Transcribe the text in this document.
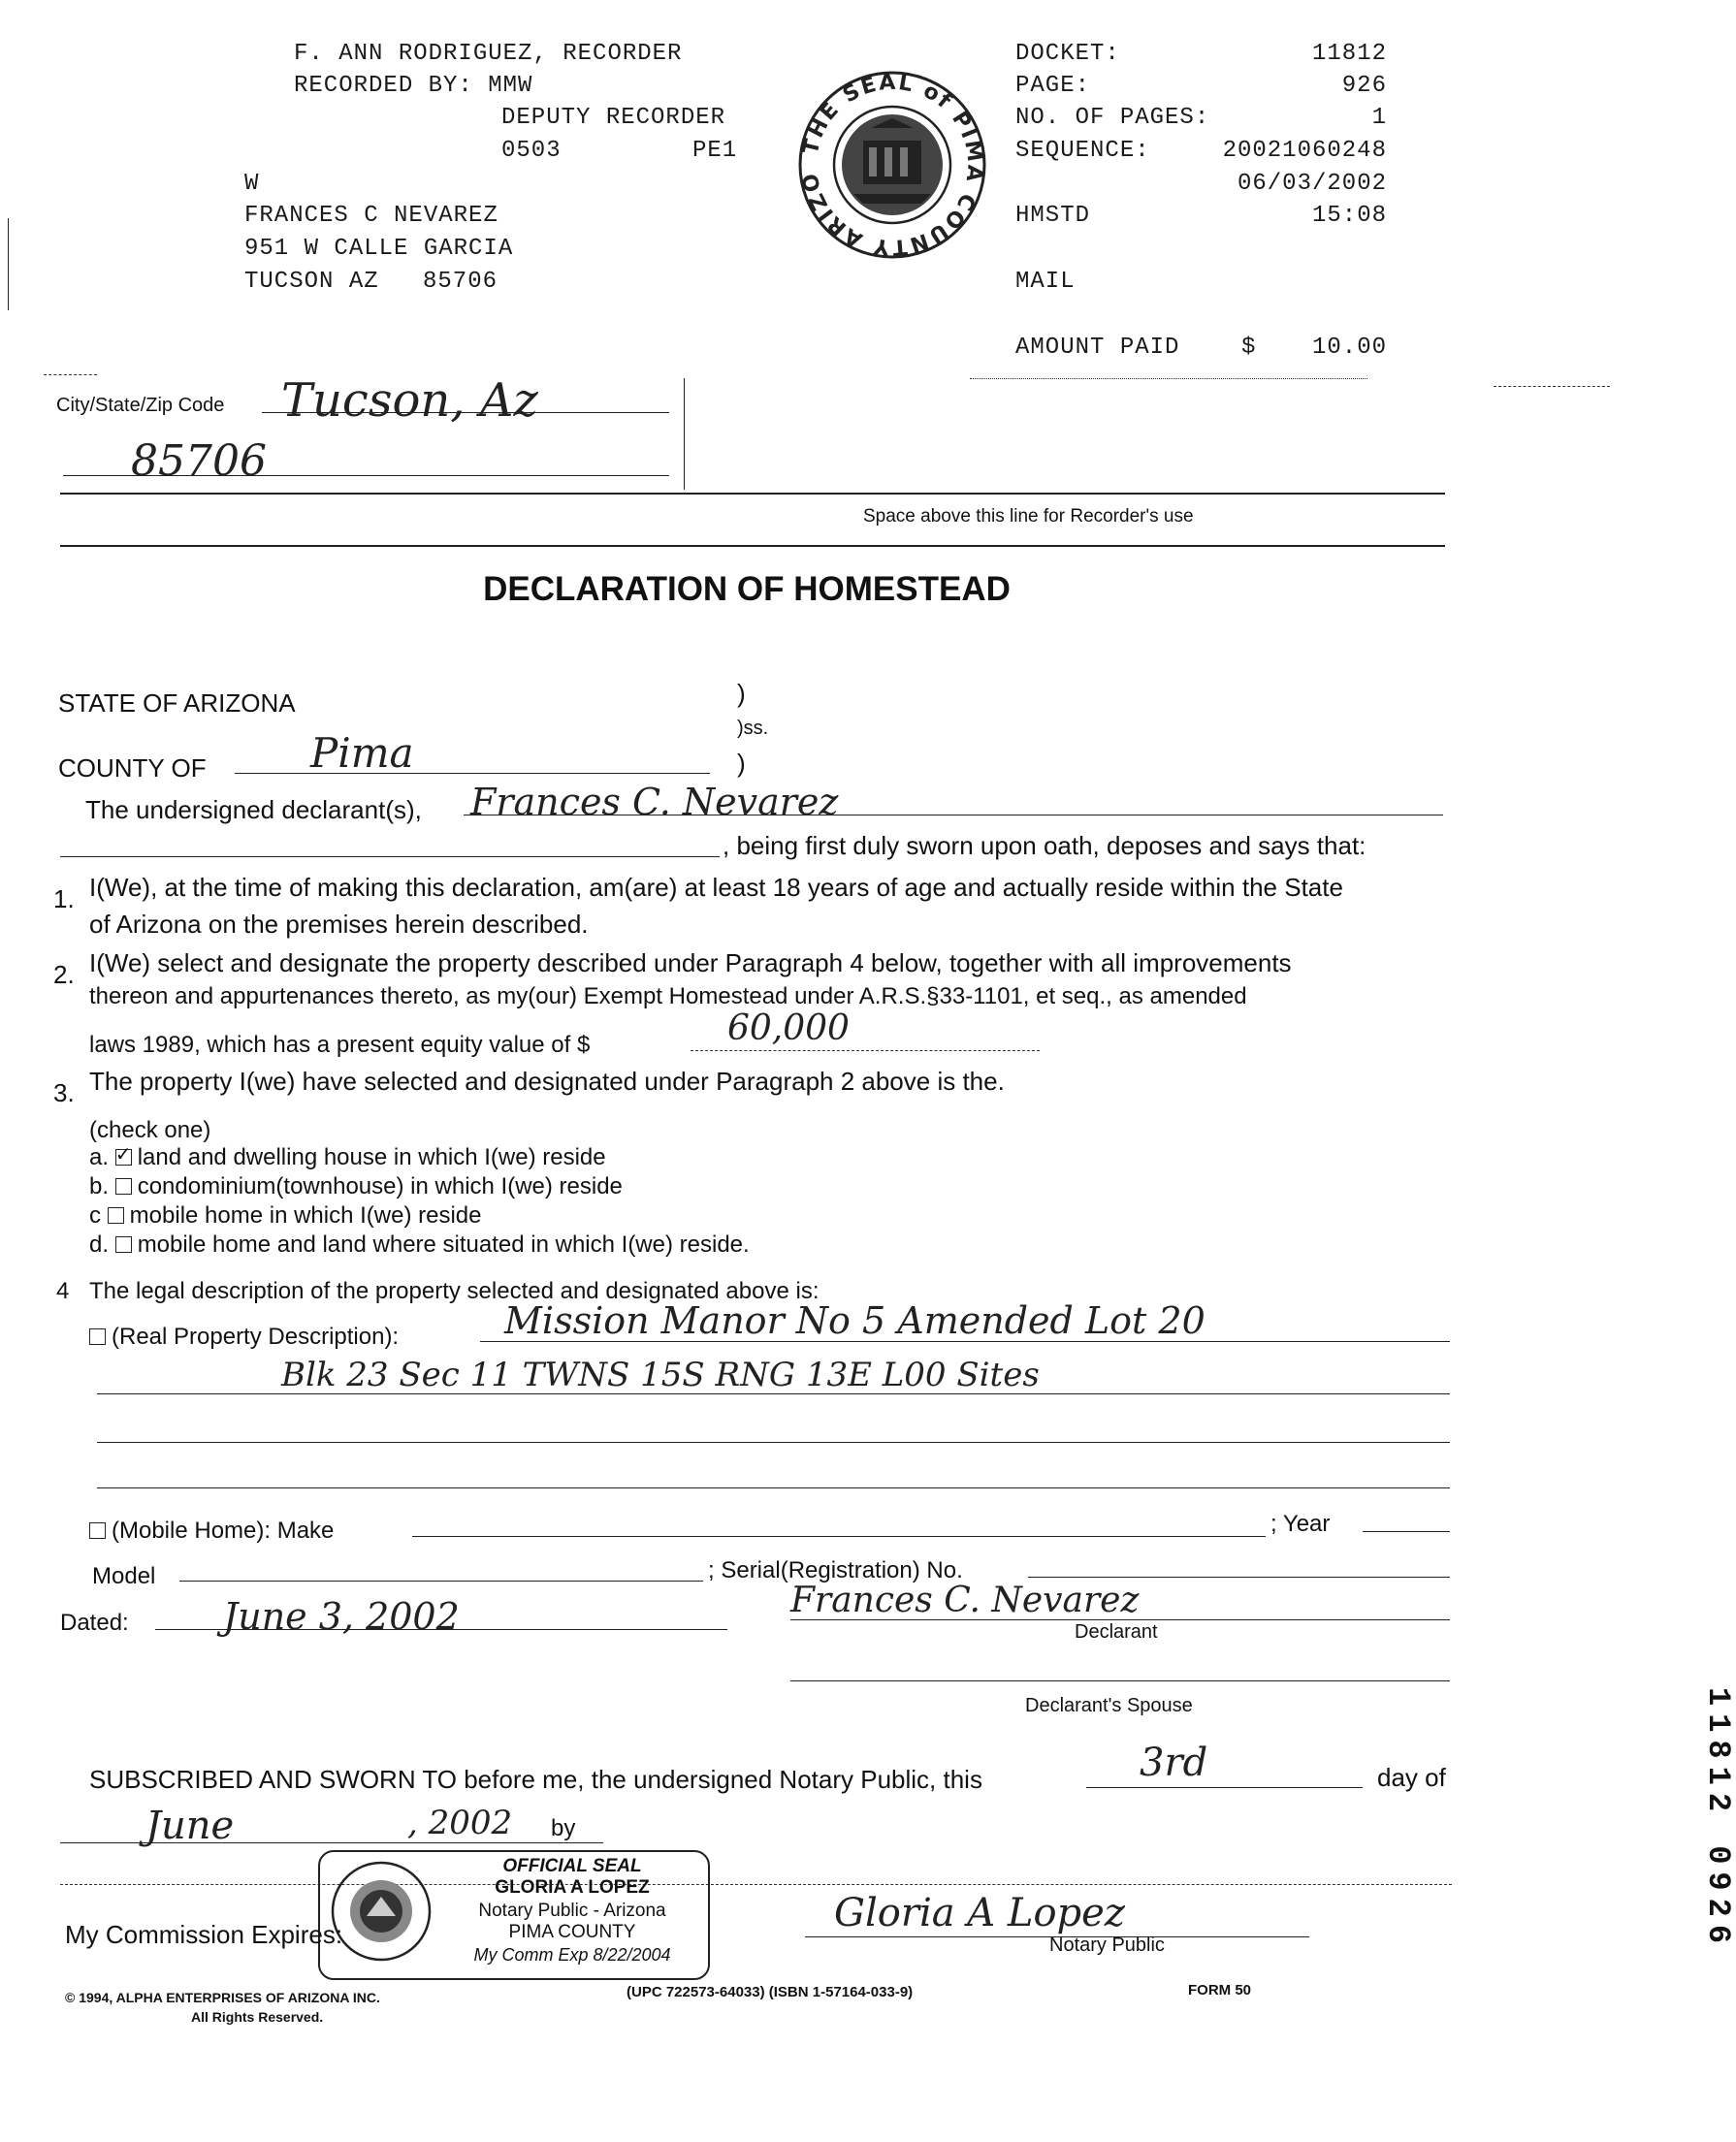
F. ANN RODRIGUEZ, RECORDER
RECORDED BY: MMW
DEPUTY RECORDER
0503	PE1
W
FRANCES C NEVAREZ
951 W CALLE GARCIA
TUCSON AZ 85706
THE SEAL of PIMA COUNTY ARIZO
DOCKET:	11812
PAGE:	926
NO. OF PAGES:	1
SEQUENCE:	20021060248
06/03/2002
HMSTD	15:08
MAIL
AMOUNT PAID	$	10.00
City/State/Zip Code Tucson, Az
85706
Space above this line for Recorder's use
DECLARATION OF HOMESTEAD
STATE OF ARIZONA	)
)ss.
COUNTY OF	Pima	)
The undersigned declarant(s), Frances C. Nevarez
, being first duly sworn upon oath, deposes and says that:
1. I(We), at the time of making this declaration, am(are) at least 18 years of age and actually reside within the State
of Arizona on the premises herein described.
2. I(We) select and designate the property described under Paragraph 4 below, together with all improvements
thereon and appurtenances thereto, as my(our) Exempt Homestead under A.R.S.§33-1101, et seq., as amended
laws 1989, which has a present equity value of $	60,000
3. The property I(we) have selected and designated under Paragraph 2 above is the.
(check one)
a. ✓ land and dwelling house in which I(we) reside
b. condominium(townhouse) in which I(we) reside
c mobile home in which I(we) reside
d. mobile home and land where situated in which I(we) reside.
4 The legal description of the property selected and designated above is:
(Real Property Description):	Mission Manor No 5 Amended Lot 20
Blk 23 Sec 11 TWNS 15S RNG 13E L00 Sites
(Mobile Home): Make	; Year
Model	; Serial(Registration) No.
Dated:	June 3, 2002	Frances C. Nevarez
Declarant
Declarant's Spouse
SUBSCRIBED AND SWORN TO before me, the undersigned Notary Public, this	3rd	day of
June	, 2002 by
OFFICIAL SEAL
GLORIA A LOPEZ
Notary Public - Arizona
PIMA COUNTY
My Comm Exp 8/22/2004
My Commission Expires:	Gloria A Lopez
Notary Public
© 1994, ALPHA ENTERPRISES OF ARIZONA INC.
All Rights Reserved.
(UPC 722573-64033) (ISBN 1-57164-033-9)	FORM 50
11812 0926
